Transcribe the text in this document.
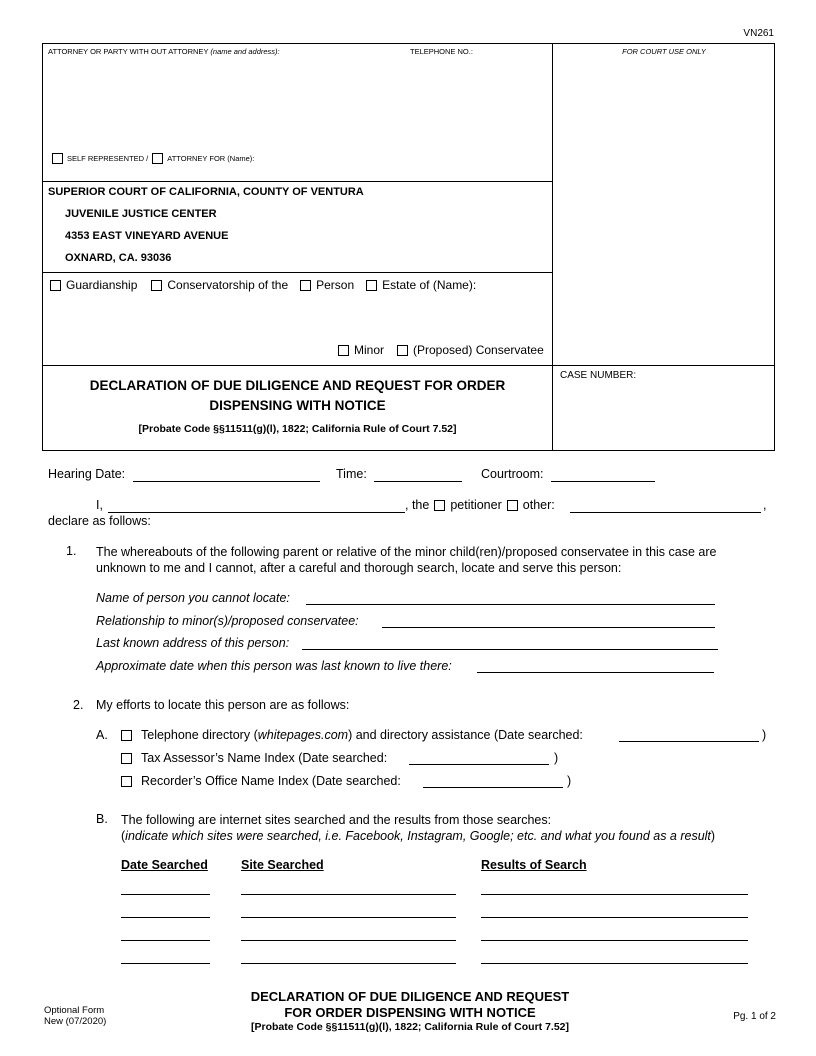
VN261
ATTORNEY OR PARTY WITH OUT ATTORNEY (name and address):	TELEPHONE NO.:	FOR COURT USE ONLY
SELF REPRESENTED /	ATTORNEY FOR (Name):
SUPERIOR COURT OF CALIFORNIA, COUNTY OF VENTURA
JUVENILE JUSTICE CENTER
4353 EAST VINEYARD AVENUE
OXNARD, CA. 93036
Guardianship	Conservatorship of the Person Estate of (Name):
Minor (Proposed) Conservatee
DECLARATION OF DUE DILIGENCE AND REQUEST FOR ORDER
DISPENSING WITH NOTICE
[Probate Code §§11511(g)(l), 1822; California Rule of Court 7.52]
CASE NUMBER:
Hearing Date:	Time:	Courtroom:
I,	, the petitioner other:	,
declare as follows:
1. The whereabouts of the following parent or relative of the minor child(ren)/proposed conservatee in this case are
unknown to me and I cannot, after a careful and thorough search, locate and serve this person:
Name of person you cannot locate:
Relationship to minor(s)/proposed conservatee:
Last known address of this person:
Approximate date when this person was last known to live there:
2. My efforts to locate this person are as follows:
A.	Telephone directory (whitepages.com) and directory assistance (Date searched:	)
Tax Assessor’s Name Index (Date searched:	)
Recorder’s Office Name Index (Date searched:	)
B. The following are internet sites searched and the results from those searches:
(indicate which sites were searched, i.e. Facebook, Instagram, Google; etc. and what you found as a result)
Date Searched	Site Searched	Results of Search
Optional Form
New (07/2020)
DECLARATION OF DUE DILIGENCE AND REQUEST
FOR ORDER DISPENSING WITH NOTICE
[Probate Code §§11511(g)(l), 1822; California Rule of Court 7.52]
Pg. 1 of 2
